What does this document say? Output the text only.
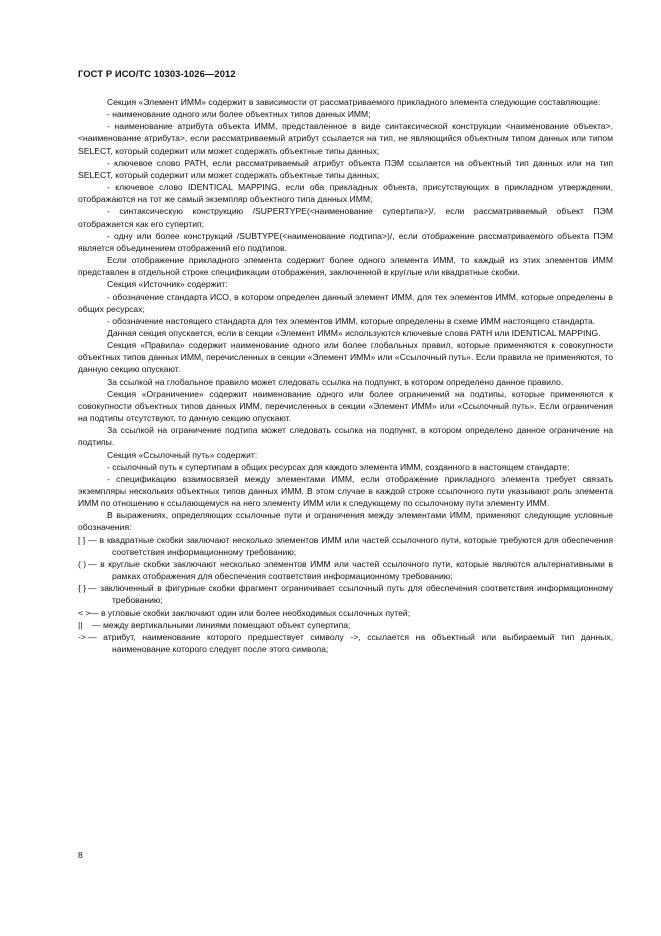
ГОСТ Р ИСО/ТС 10303-1026—2012

Секция «Элемент ИММ» содержит в зависимости от рассматриваемого прикладного элемента следующие составляющие:

- наименование одного или более объектных типов данных ИММ;

- наименование атрибута объекта ИММ, представленное в виде синтаксической конструкции <наименование объекта>.<наименование атрибута>, если рассматриваемый атрибут ссылается на тип, не являющийся объектным типом данных или типом SELECT, который содержит или может содержать объектные типы данных;

- ключевое слово PATH, если рассматриваемый атрибут объекта ПЭМ ссылается на объектный тип данных или на тип SELECT, который содержит или может содержать объектные типы данных;

- ключевое слово IDENTICAL MAPPING, если оба прикладных объекта, присутствующих в прикладном утверждении, отображаются на тот же самый экземпляр объектного типа данных ИММ;

- синтаксическую конструкцию /SUPERTYPE(<наименование супертипа>)/, если рассматриваемый объект ПЭМ отображается как его супертип;

- одну или более конструкций /SUBTYPE(<наименование подтипа>)/, если отображение рассматриваемого объекта ПЭМ является объединением отображений его подтипов.

Если отображение прикладного элемента содержит более одного элемента ИММ, то каждый из этих элементов ИММ представлен в отдельной строке спецификации отображения, заключенной в круглые или квадратные скобки.

Секция «Источник» содержит:

- обозначение стандарта ИСО, в котором определен данный элемент ИММ, для тех элементов ИММ, которые определены в общих ресурсах;

- обозначение настоящего стандарта для тех элементов ИММ, которые определены в схеме ИММ настоящего стандарта.

Данная секция опускается, если в секции «Элемент ИММ» используются ключевые слова PATH или IDENTICAL MAPPING.

Секция «Правила» содержит наименование одного или более глобальных правил, которые применяются к совокупности объектных типов данных ИММ, перечисленных в секции «Элемент ИММ» или «Ссылочный путь». Если правила не применяются, то данную секцию опускают.

За ссылкой на глобальное правило может следовать ссылка на подпункт, в котором определено данное правило.

Секция «Ограничение» содержит наименование одного или более ограничений на подтипы, которые применяются к совокупности объектных типов данных ИММ, перечисленных в секции «Элемент ИММ» или «Ссылочный путь». Если ограничения на подтипы отсутствуют, то данную секцию опускают.

За ссылкой на ограничение подтипа может следовать ссылка на подпункт, в котором определено данное ограничение на подтипы.

Секция «Ссылочный путь» содержит:

- ссылочный путь к супертипам в общих ресурсах для каждого элемента ИММ, созданного в настоящем стандарте;

- спецификацию взаимосвязей между элементами ИММ, если отображение прикладного элемента требует связать экземпляры нескольких объектных типов данных ИММ. В этом случае в каждой строке ссылочного пути указывают роль элемента ИММ по отношению к ссылающемуся на него элементу ИММ или к следующему по ссылочному пути элементу ИММ.

В выражениях, определяющих ссылочные пути и ограничения между элементами ИММ, применяют следующие условные обозначения:

[ ] — в квадратные скобки заключают несколько элементов ИММ или частей ссылочного пути, которые требуются для обеспечения соответствия информационному требованию;
( ) — в круглые скобки заключают несколько элементов ИММ или частей ссылочного пути, которые являются альтернативными в рамках отображения для обеспечения соответствия информационному требованию;
{ } — заключенный в фигурные скобки фрагмент ограничивает ссылочный путь для обеспечения соответствия информационному требованию;
< > — в угловые скобки заключают один или более необходимых ссылочных путей;
||	— между вертикальными линиями помещают объект супертипа;
-> — атрибут, наименование которого предшествует символу ->, ссылается на объектный или выбираемый тип данных, наименование которого следует после этого символа;
8
